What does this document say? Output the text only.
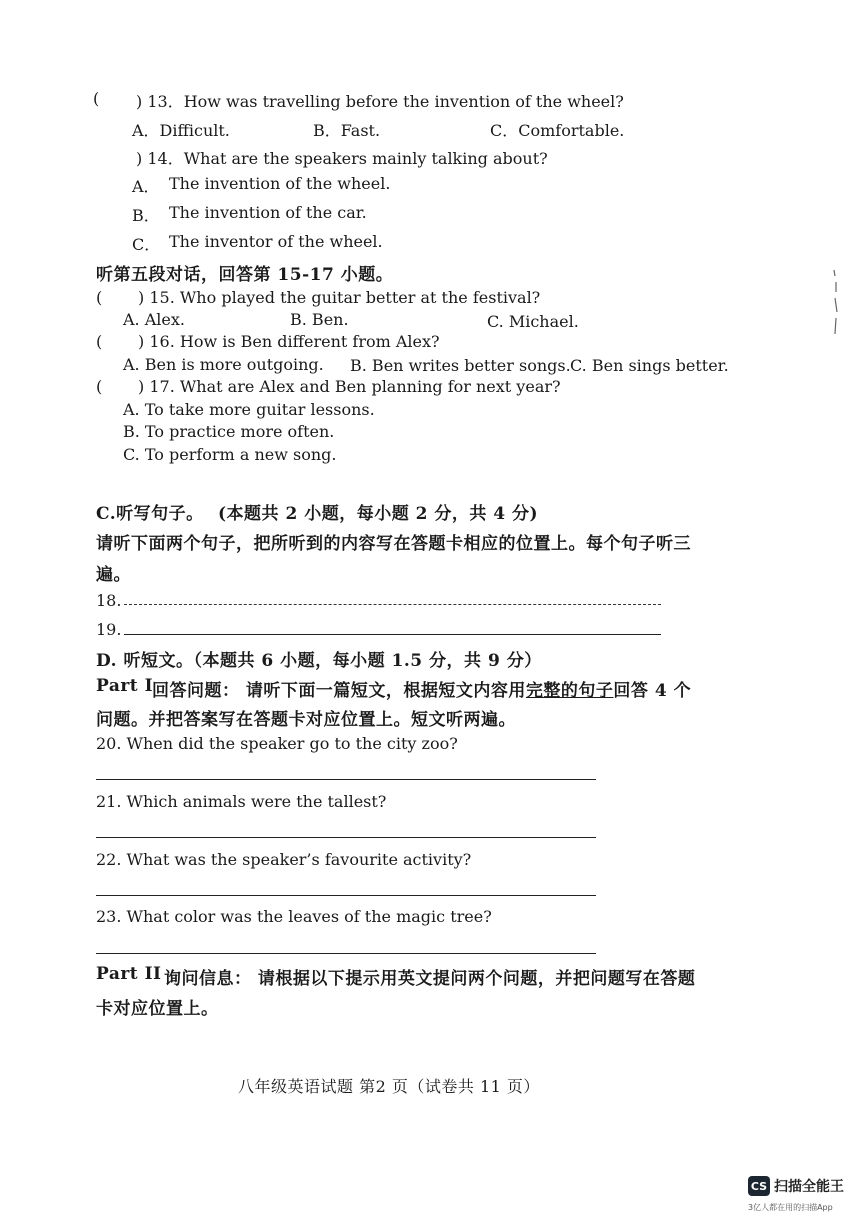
( ) 13．How was travelling before the invention of the wheel?
A．Difficult.	B．Fast.	C．Comfortable.
) 14．What are the speakers mainly talking about?
A． The invention of the wheel.
B． The invention of the car.
C． The inventor of the wheel.
听第五段对话，回答第 15-17 小题。
( ) 15. Who played the guitar better at the festival?
A. Alex.	B. Ben.	C. Michael.
( ) 16. How is Ben different from Alex?
A. Ben is more outgoing. B. Ben writes better songs. C. Ben sings better.
( ) 17. What are Alex and Ben planning for next year?
A. To take more guitar lessons.
B. To practice more often.
C. To perform a new song.
C.听写句子。 (本题共 2 小题，每小题 2 分，共 4 分)
请听下面两个句子，把所听到的内容写在答题卡相应的位置上。每个句子听三
遍。
18.
19.
D. 听短文。（本题共 6 小题，每小题 1.5 分，共 9 分）
Part I
回答问题： 请听下面一篇短文，根据短文内容用完整的句子回答 4 个
问题。并把答案写在答题卡对应位置上。短文听两遍。
20. When did the speaker go to the city zoo?
21. Which animals were the tallest?
22. What was the speaker’s favourite activity?
23. What color was the leaves of the magic tree?
Part II 询问信息： 请根据以下提示用英文提问两个问题，并把问题写在答题
卡对应位置上。
八年级英语试题 第2 页（试卷共 11 页）
CS 扫描全能王
3亿人都在用的扫描App
